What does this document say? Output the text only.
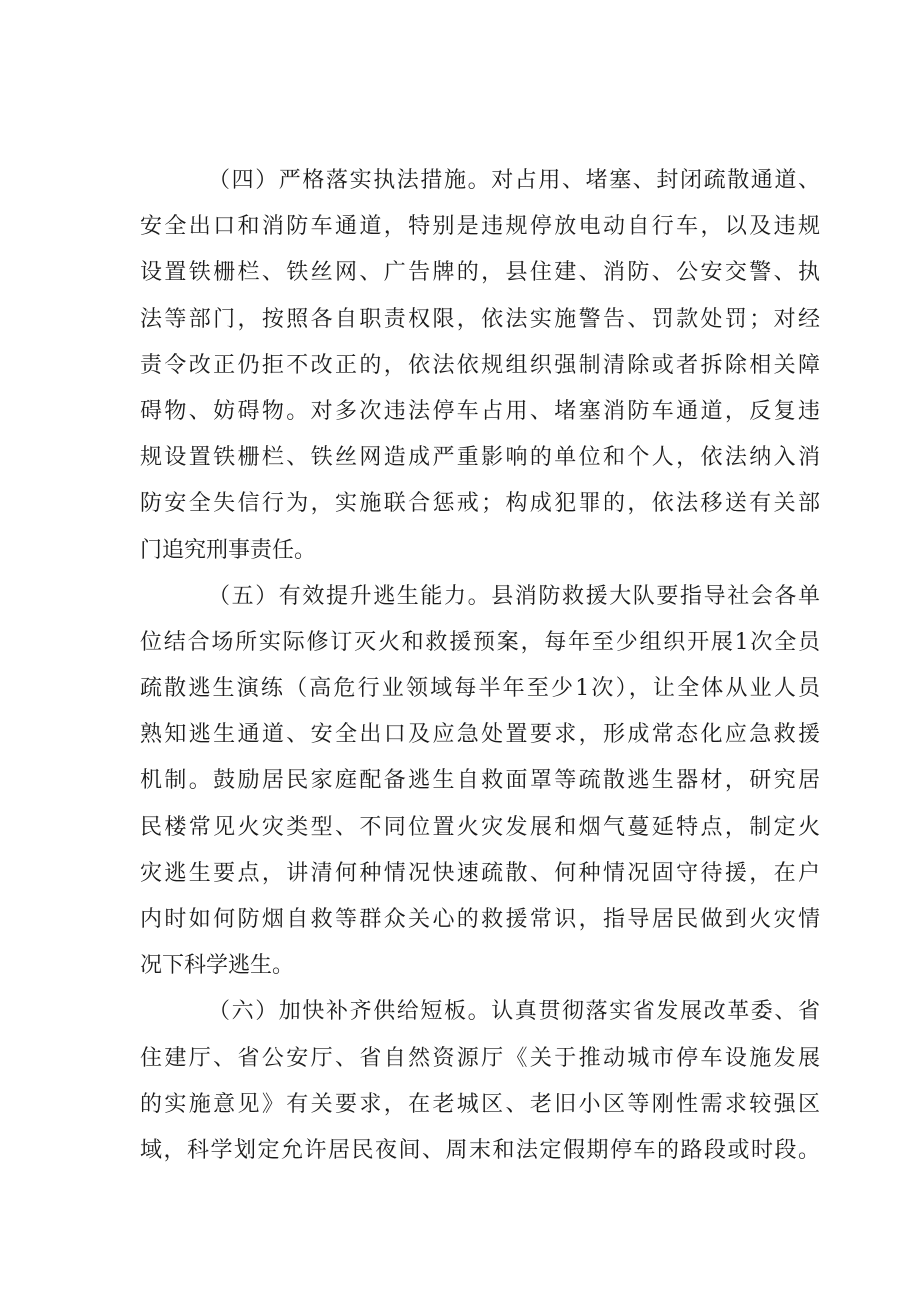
（四）严格落实执法措施。对占用、堵塞、封闭疏散通道、
安全出口和消防车通道，特别是违规停放电动自行车，以及违规
设置铁栅栏、铁丝网、广告牌的，县住建、消防、公安交警、执
法等部门，按照各自职责权限，依法实施警告、罚款处罚；对经
责令改正仍拒不改正的，依法依规组织强制清除或者拆除相关障
碍物、妨碍物。对多次违法停车占用、堵塞消防车通道，反复违
规设置铁栅栏、铁丝网造成严重影响的单位和个人，依法纳入消
防安全失信行为，实施联合惩戒；构成犯罪的，依法移送有关部
门追究刑事责任。
（五）有效提升逃生能力。县消防救援大队要指导社会各单
位结合场所实际修订灭火和救援预案，每年至少组织开展1次全员
疏散逃生演练（高危行业领域每半年至少1次），让全体从业人员
熟知逃生通道、安全出口及应急处置要求，形成常态化应急救援
机制。鼓励居民家庭配备逃生自救面罩等疏散逃生器材，研究居
民楼常见火灾类型、不同位置火灾发展和烟气蔓延特点，制定火
灾逃生要点，讲清何种情况快速疏散、何种情况固守待援，在户
内时如何防烟自救等群众关心的救援常识，指导居民做到火灾情
况下科学逃生。
（六）加快补齐供给短板。认真贯彻落实省发展改革委、省
住建厅、省公安厅、省自然资源厅《关于推动城市停车设施发展
的实施意见》有关要求，在老城区、老旧小区等刚性需求较强区
域，科学划定允许居民夜间、周末和法定假期停车的路段或时段。
